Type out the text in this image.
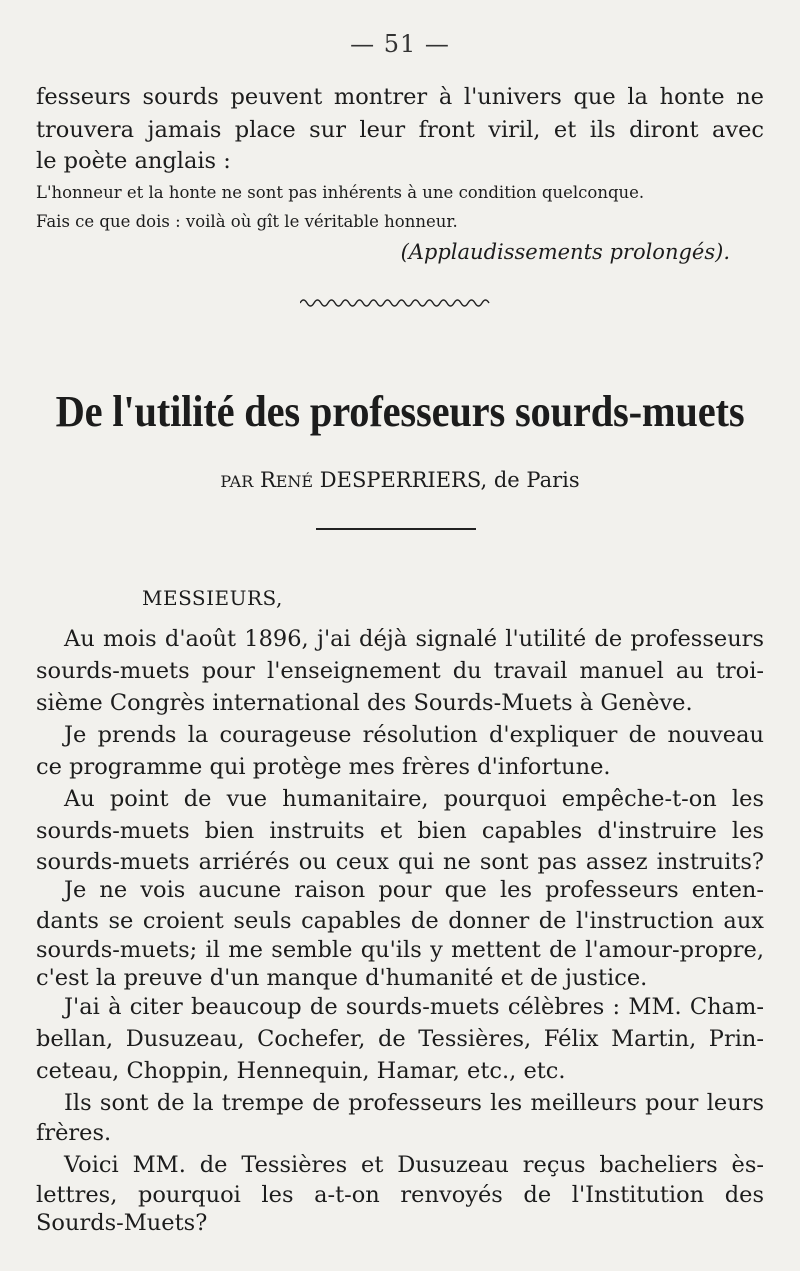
— 51 —
fesseurs sourds peuvent montrer à l'univers que la honte ne
trouvera jamais place sur leur front viril, et ils diront avec
le poète anglais :
L'honneur et la honte ne sont pas inhérents à une condition quelconque.
Fais ce que dois : voilà où gît le véritable honneur.
(Applaudissements prolongés).
De l'utilité des professeurs sourds-muets
PAR RENÉ DESPERRIERS, de Paris
MESSIEURS,
Au mois d'août 1896, j'ai déjà signalé l'utilité de professeurs
sourds-muets pour l'enseignement du travail manuel au troi-
sième Congrès international des Sourds-Muets à Genève.
Je prends la courageuse résolution d'expliquer de nouveau
ce programme qui protège mes frères d'infortune.
Au point de vue humanitaire, pourquoi empêche-t-on les
sourds-muets bien instruits et bien capables d'instruire les
sourds-muets arriérés ou ceux qui ne sont pas assez instruits?
Je ne vois aucune raison pour que les professeurs enten-
dants se croient seuls capables de donner de l'instruction aux
sourds-muets; il me semble qu'ils y mettent de l'amour-propre,
c'est la preuve d'un manque d'humanité et de justice.
J'ai à citer beaucoup de sourds-muets célèbres : MM. Cham-
bellan, Dusuzeau, Cochefer, de Tessières, Félix Martin, Prin-
ceteau, Choppin, Hennequin, Hamar, etc., etc.
Ils sont de la trempe de professeurs les meilleurs pour leurs
frères.
Voici MM. de Tessières et Dusuzeau reçus bacheliers ès-
lettres, pourquoi les a-t-on renvoyés de l'Institution des
Sourds-Muets?
